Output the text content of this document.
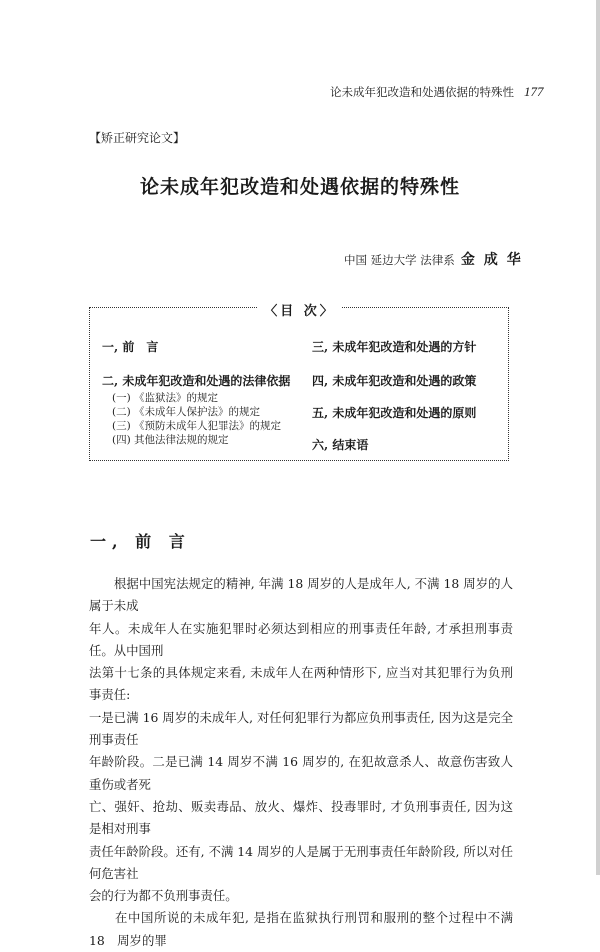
论未成年犯改造和处遇依据的特殊性 177
【矫正研究论文】
论未成年犯改造和处遇依据的特殊性
中国 延边大学 法律系 金成华
〈目 次〉
一, 前　言
二, 未成年犯改造和处遇的法律依据
(一) 《监狱法》的规定
(二) 《未成年人保护法》的规定
(三) 《预防未成年人犯罪法》的规定
(四) 其他法律法规的规定
三, 未成年犯改造和处遇的方针
四, 未成年犯改造和处遇的政策
五, 未成年犯改造和处遇的原则
六, 结束语
一, 前 言

　　根据中国宪法规定的精神, 年满 18 周岁的人是成年人, 不满 18 周岁的人属于未成

年人。未成年人在实施犯罪时必须达到相应的刑事责任年龄, 才承担刑事责任。从中国刑

法第十七条的具体规定来看, 未成年人在两种情形下, 应当对其犯罪行为负刑事责任:

一是已满 16 周岁的未成年人, 对任何犯罪行为都应负刑事责任, 因为这是完全刑事责任

年龄阶段。二是已满 14 周岁不满 16 周岁的, 在犯故意杀人、故意伤害致人重伤或者死

亡、强奸、抢劫、贩卖毒品、放火、爆炸、投毒罪时, 才负刑事责任, 因为这是相对刑事

责任年龄阶段。还有, 不满 14 周岁的人是属于无刑事责任年龄阶段, 所以对任何危害社

会的行为都不负刑事责任。

　　在中国所说的未成年犯, 是指在监狱执行刑罚和服刑的整个过程中不满　18　周岁的罪
